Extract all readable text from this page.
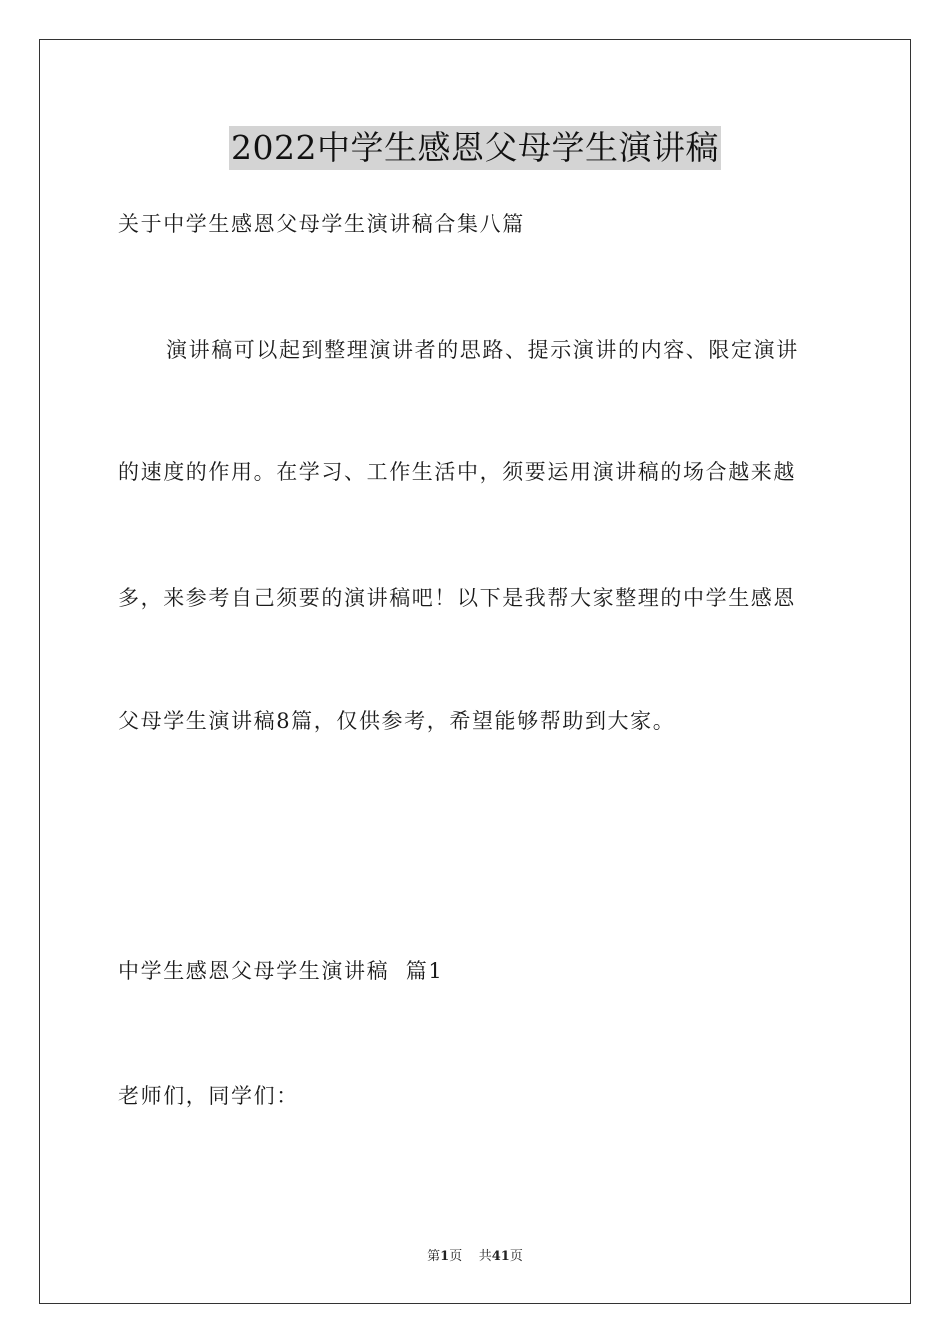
2022中学生感恩父母学生演讲稿
关于中学生感恩父母学生演讲稿合集八篇
演讲稿可以起到整理演讲者的思路、提示演讲的内容、限定演讲
的速度的作用。在学习、工作生活中，须要运用演讲稿的场合越来越
多，来参考自己须要的演讲稿吧！以下是我帮大家整理的中学生感恩
父母学生演讲稿8篇，仅供参考，希望能够帮助到大家。
中学生感恩父母学生演讲稿  篇1
老师们，同学们：
第1页 共41页
